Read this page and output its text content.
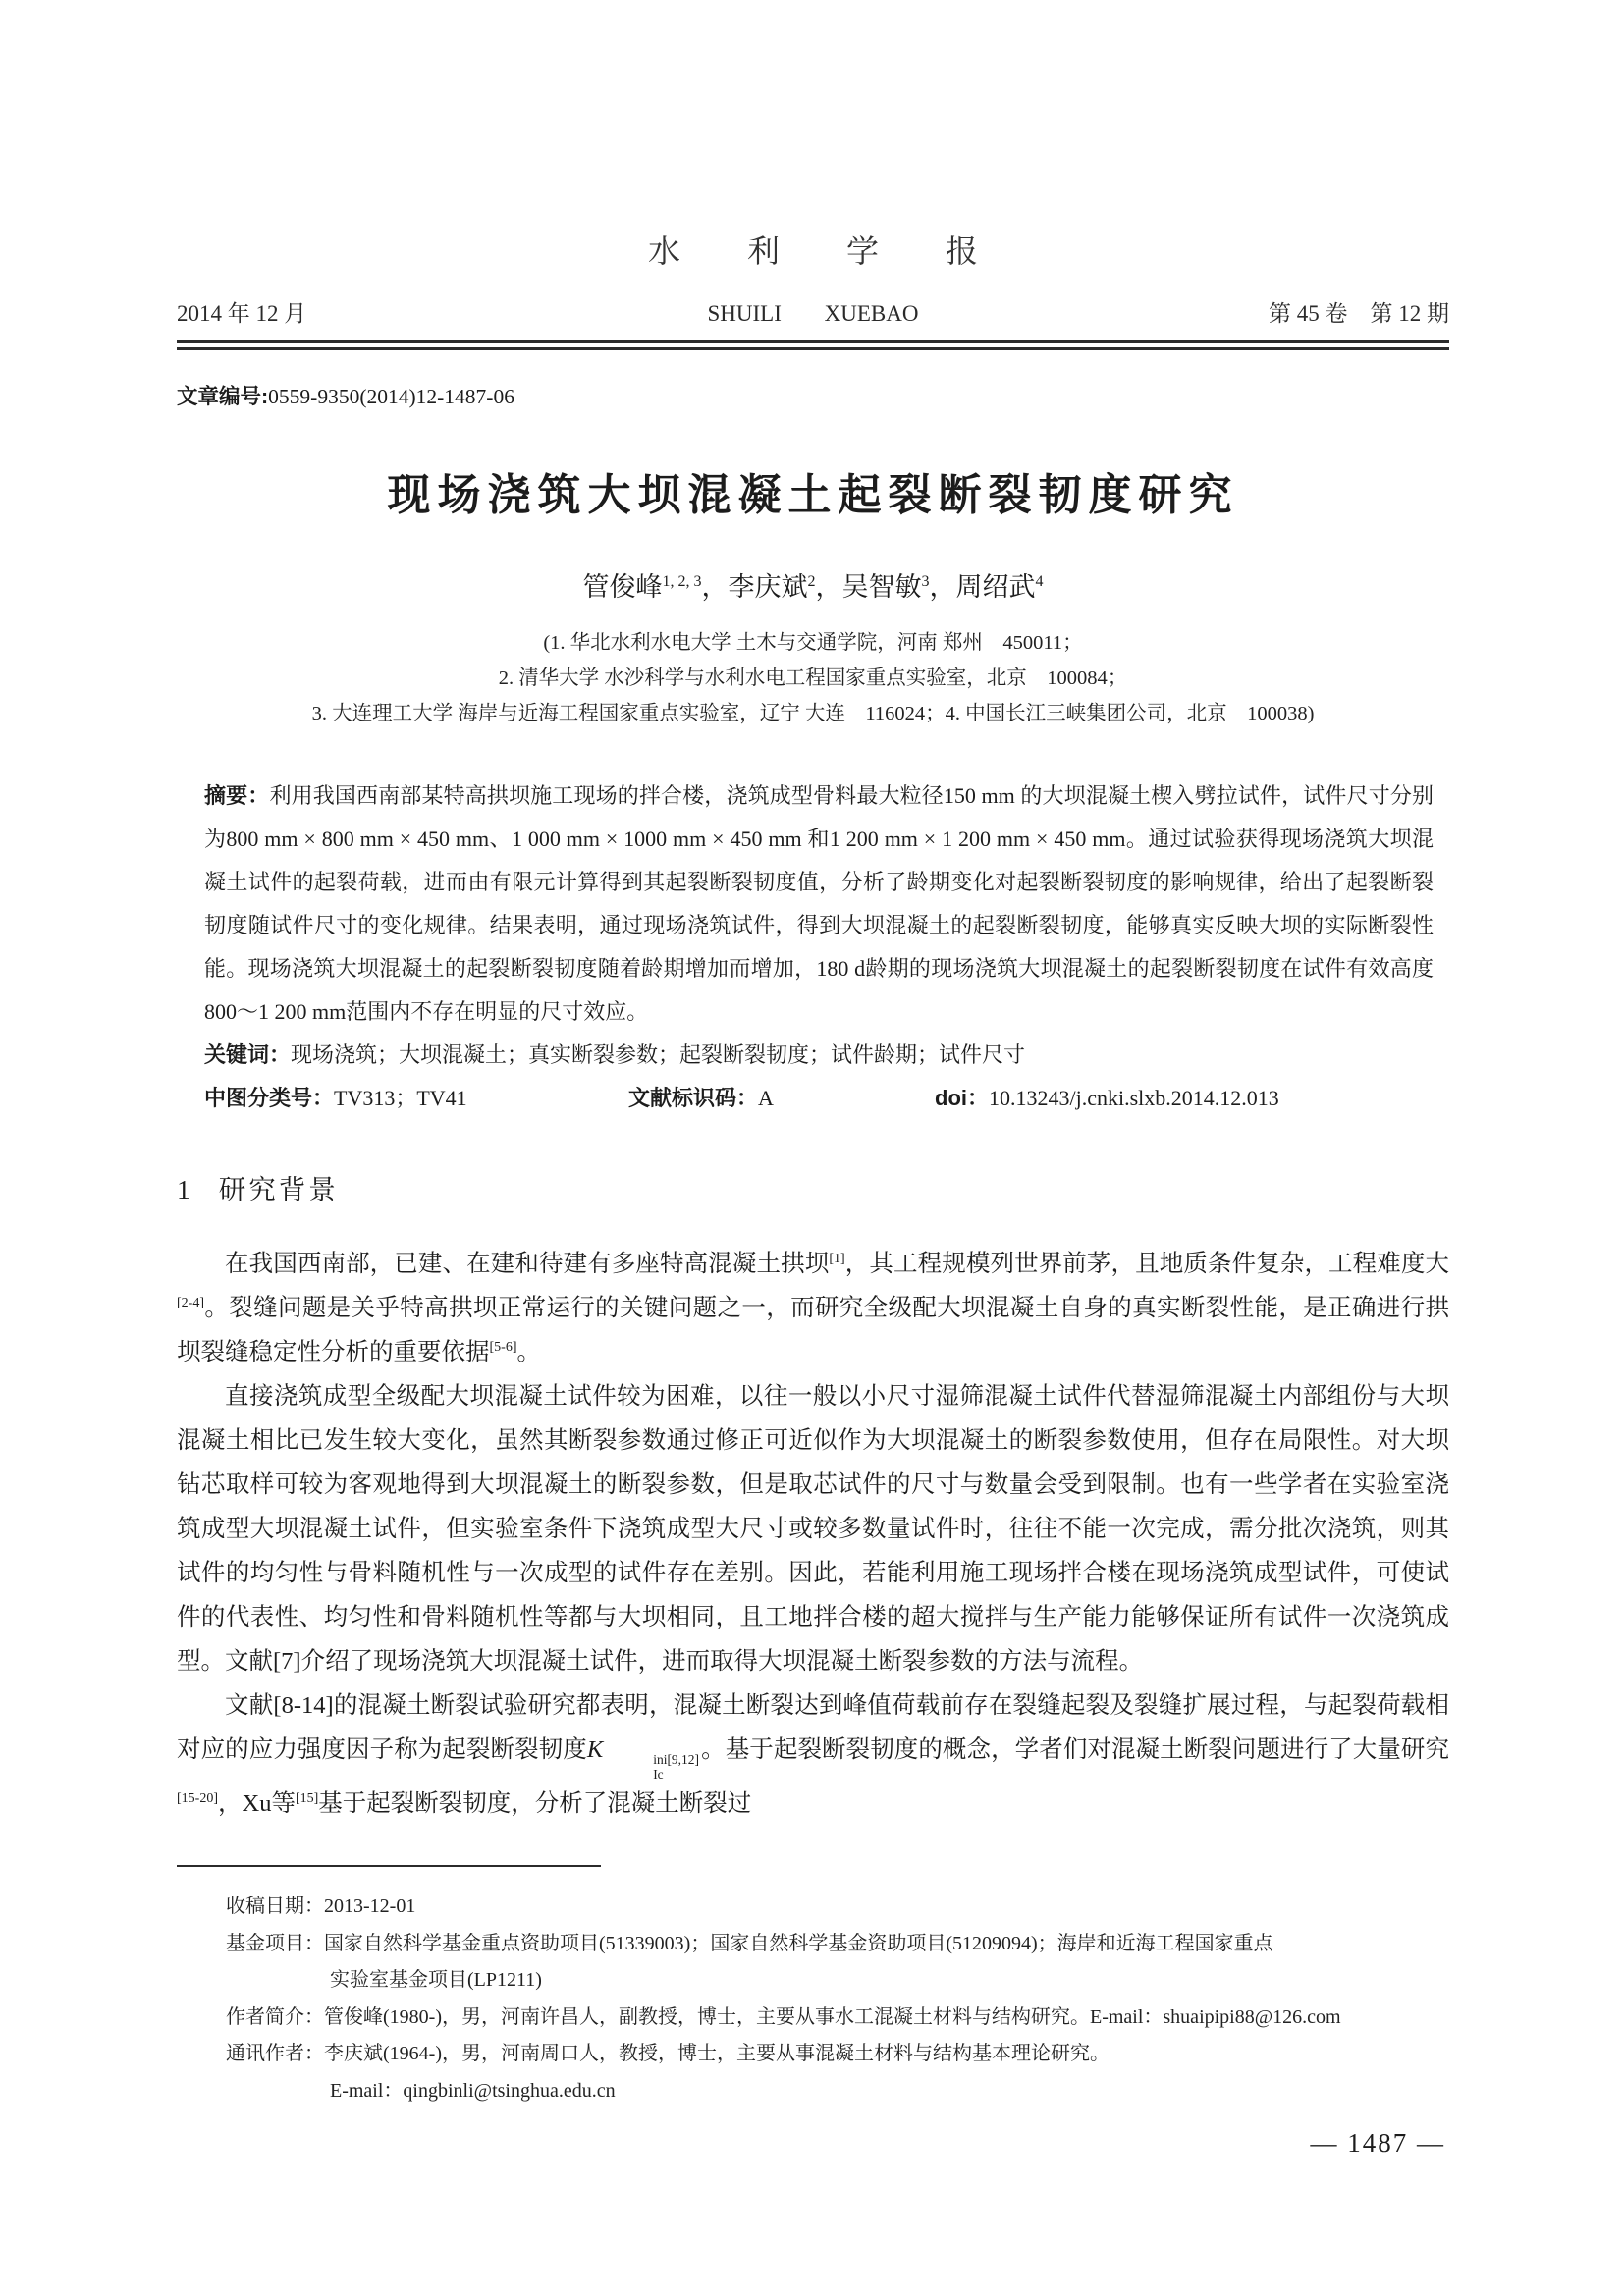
水利学报
2014 年 12 月	SHUILI XUEBAO	第 45 卷　第 12 期
文章编号:0559-9350(2014)12-1487-06
现场浇筑大坝混凝土起裂断裂韧度研究
管俊峰$^{1, 2, 3}$，李庆斌$^2$，吴智敏$^3$，周绍武$^4$
(1. 华北水利水电大学 土木与交通学院，河南 郑州　450011；
2. 清华大学 水沙科学与水利水电工程国家重点实验室，北京　100084；
3. 大连理工大学 海岸与近海工程国家重点实验室，辽宁 大连　116024；4. 中国长江三峡集团公司，北京　100038)
摘要：利用我国西南部某特高拱坝施工现场的拌合楼，浇筑成型骨料最大粒径150 mm 的大坝混凝土楔入劈拉试件，试件尺寸分别为800 mm × 800 mm × 450 mm、1 000 mm × 1000 mm × 450 mm 和1 200 mm × 1 200 mm × 450 mm。通过试验获得现场浇筑大坝混凝土试件的起裂荷载，进而由有限元计算得到其起裂断裂韧度值，分析了龄期变化对起裂断裂韧度的影响规律，给出了起裂断裂韧度随试件尺寸的变化规律。结果表明，通过现场浇筑试件，得到大坝混凝土的起裂断裂韧度，能够真实反映大坝的实际断裂性能。现场浇筑大坝混凝土的起裂断裂韧度随着龄期增加而增加，180 d龄期的现场浇筑大坝混凝土的起裂断裂韧度在试件有效高度800～1 200 mm范围内不存在明显的尺寸效应。
关键词：现场浇筑；大坝混凝土；真实断裂参数；起裂断裂韧度；试件龄期；试件尺寸
中图分类号：TV313；TV41	文献标识码：A	doi：10.13243/j.cnki.slxb.2014.12.013
1 研究背景

在我国西南部，已建、在建和待建有多座特高混凝土拱坝[1]，其工程规模列世界前茅，且地质条件复杂，工程难度大[2-4]。裂缝问题是关乎特高拱坝正常运行的关键问题之一，而研究全级配大坝混凝土自身的真实断裂性能，是正确进行拱坝裂缝稳定性分析的重要依据[5-6]。

直接浇筑成型全级配大坝混凝土试件较为困难，以往一般以小尺寸湿筛混凝土试件代替湿筛混凝土内部组份与大坝混凝土相比已发生较大变化，虽然其断裂参数通过修正可近似作为大坝混凝土的断裂参数使用，但存在局限性。对大坝钻芯取样可较为客观地得到大坝混凝土的断裂参数，但是取芯试件的尺寸与数量会受到限制。也有一些学者在实验室浇筑成型大坝混凝土试件，但实验室条件下浇筑成型大尺寸或较多数量试件时，往往不能一次完成，需分批次浇筑，则其试件的均匀性与骨料随机性与一次成型的试件存在差别。因此，若能利用施工现场拌合楼在现场浇筑成型试件，可使试件的代表性、均匀性和骨料随机性等都与大坝相同，且工地拌合楼的超大搅拌与生产能力能够保证所有试件一次浇筑成型。文献[7]介绍了现场浇筑大坝混凝土试件，进而取得大坝混凝土断裂参数的方法与流程。

文献[8-14]的混凝土断裂试验研究都表明，混凝土断裂达到峰值荷载前存在裂缝起裂及裂缝扩展过程，与起裂荷载相对应的应力强度因子称为起裂断裂韧度K	ini[9,12]
Ic
。基于起裂断裂韧度的概念，学者们对混凝土断裂问题进行了大量研究[15-20]，Xu等[15]基于起裂断裂韧度，分析了混凝土断裂过

收稿日期：2013-12-01
基金项目：国家自然科学基金重点资助项目(51339003)；国家自然科学基金资助项目(51209094)；海岸和近海工程国家重点
实验室基金项目(LP1211)
作者简介：管俊峰(1980-)，男，河南许昌人，副教授，博士，主要从事水工混凝土材料与结构研究。E-mail：shuaipipi88@126.com
通讯作者：李庆斌(1964-)，男，河南周口人，教授，博士，主要从事混凝土材料与结构基本理论研究。
E-mail：qingbinli@tsinghua.edu.cn
— 1487 —
